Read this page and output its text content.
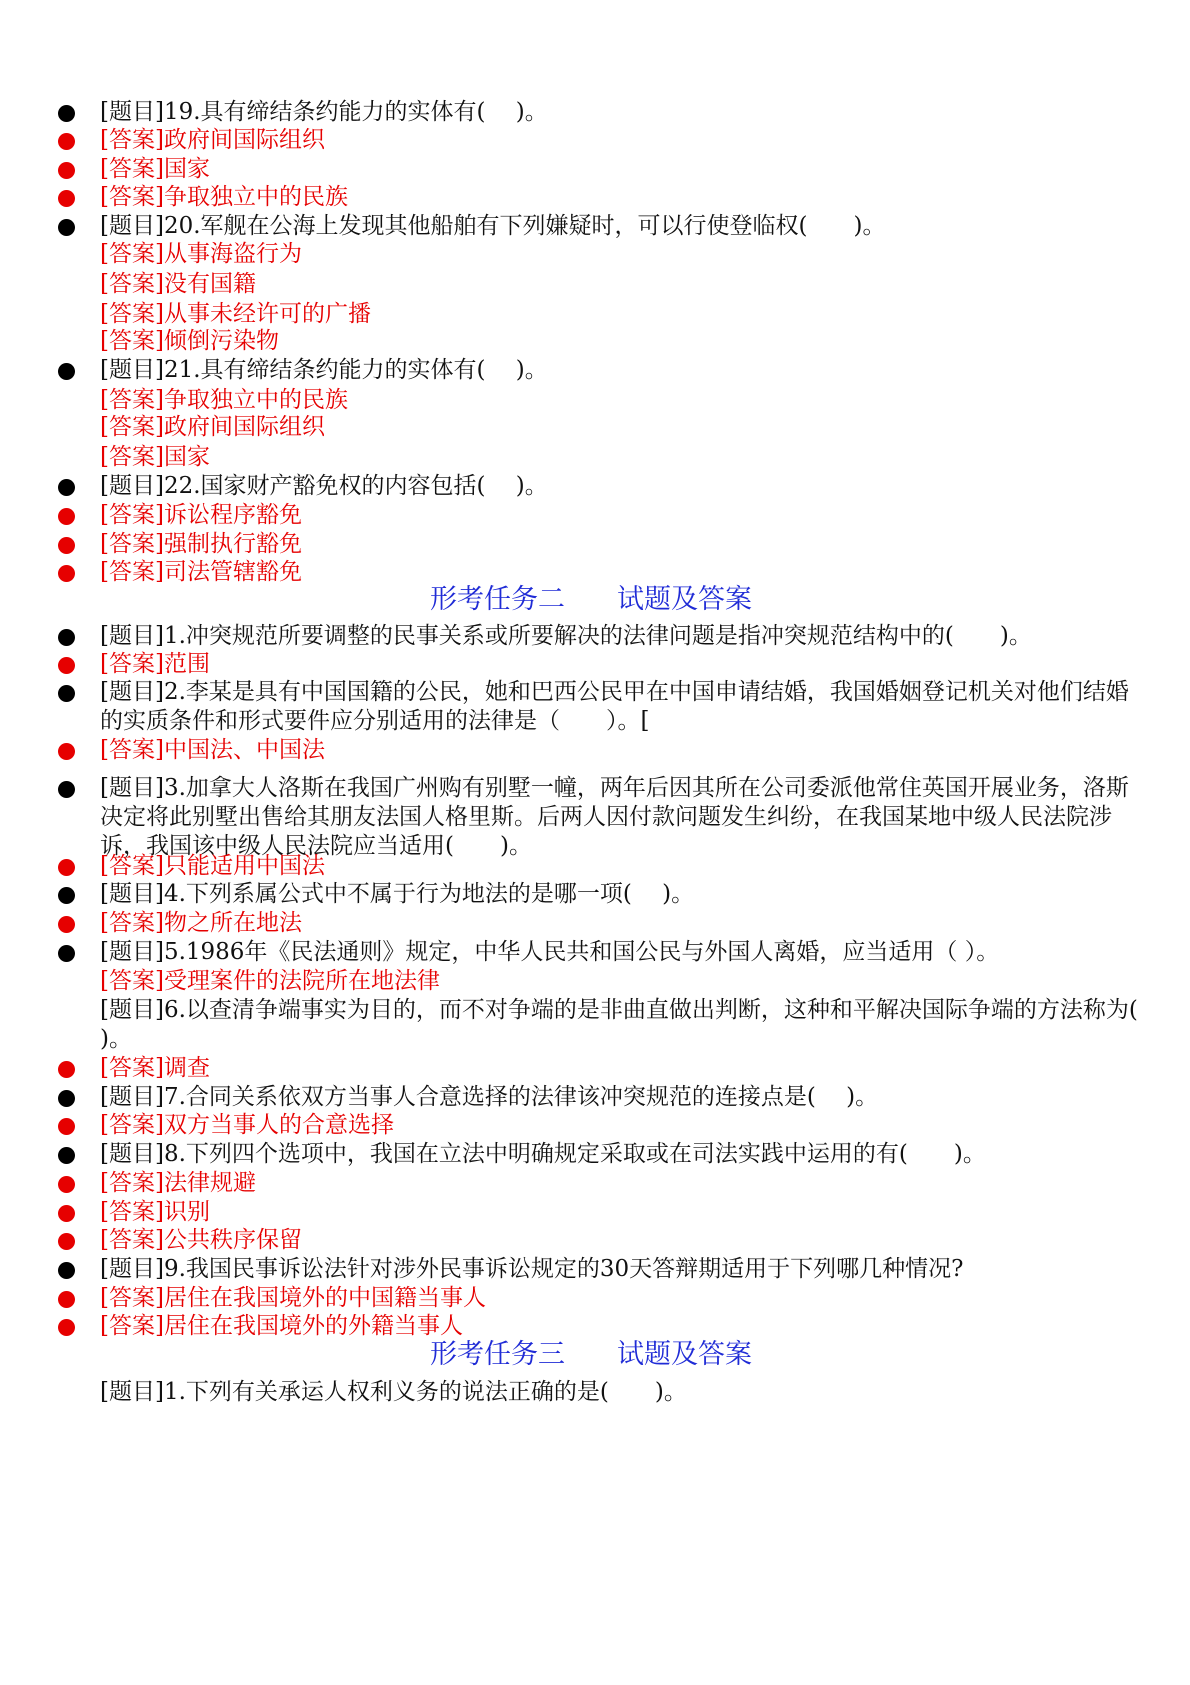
[题目]19.具有缔结条约能力的实体有(　 )。
[答案]政府间国际组织
[答案]国家
[答案]争取独立中的民族
[题目]20.军舰在公海上发现其他船舶有下列嫌疑时，可以行使登临权(　　)。
[答案]从事海盗行为
[答案]没有国籍
[答案]从事未经许可的广播
[答案]倾倒污染物
[题目]21.具有缔结条约能力的实体有(　 )。
[答案]争取独立中的民族
[答案]政府间国际组织
[答案]国家
[题目]22.国家财产豁免权的内容包括(　 )。
[答案]诉讼程序豁免
[答案]强制执行豁免
[答案]司法管辖豁免
形考任务二 试题及答案
[题目]1.冲突规范所要调整的民事关系或所要解决的法律问题是指冲突规范结构中的(　　)。
[答案]范围
[题目]2.李某是具有中国国籍的公民，她和巴西公民甲在中国申请结婚，我国婚姻登记机关对他们结婚的实质条件和形式要件应分别适用的法律是（　　）。[
[答案]中国法、中国法
[题目]3.加拿大人洛斯在我国广州购有别墅一幢，两年后因其所在公司委派他常住英国开展业务，洛斯决定将此别墅出售给其朋友法国人格里斯。后两人因付款问题发生纠纷，在我国某地中级人民法院涉诉，我国该中级人民法院应当适用(　　)。
[答案]只能适用中国法
[题目]4.下列系属公式中不属于行为地法的是哪一项(　 )。
[答案]物之所在地法
[题目]5.1986年《民法通则》规定，中华人民共和国公民与外国人离婚，应当适用（ ）。
[答案]受理案件的法院所在地法律
[题目]6.以查清争端事实为目的，而不对争端的是非曲直做出判断，这种和平解决国际争端的方法称为(　 )。
[答案]调查
[题目]7.合同关系依双方当事人合意选择的法律该冲突规范的连接点是(　 )。
[答案]双方当事人的合意选择
[题目]8.下列四个选项中，我国在立法中明确规定采取或在司法实践中运用的有(　　)。
[答案]法律规避
[答案]识别
[答案]公共秩序保留
[题目]9.我国民事诉讼法针对涉外民事诉讼规定的30天答辩期适用于下列哪几种情况?
[答案]居住在我国境外的中国籍当事人
[答案]居住在我国境外的外籍当事人
形考任务三 试题及答案
[题目]1.下列有关承运人权利义务的说法正确的是(　　)。
